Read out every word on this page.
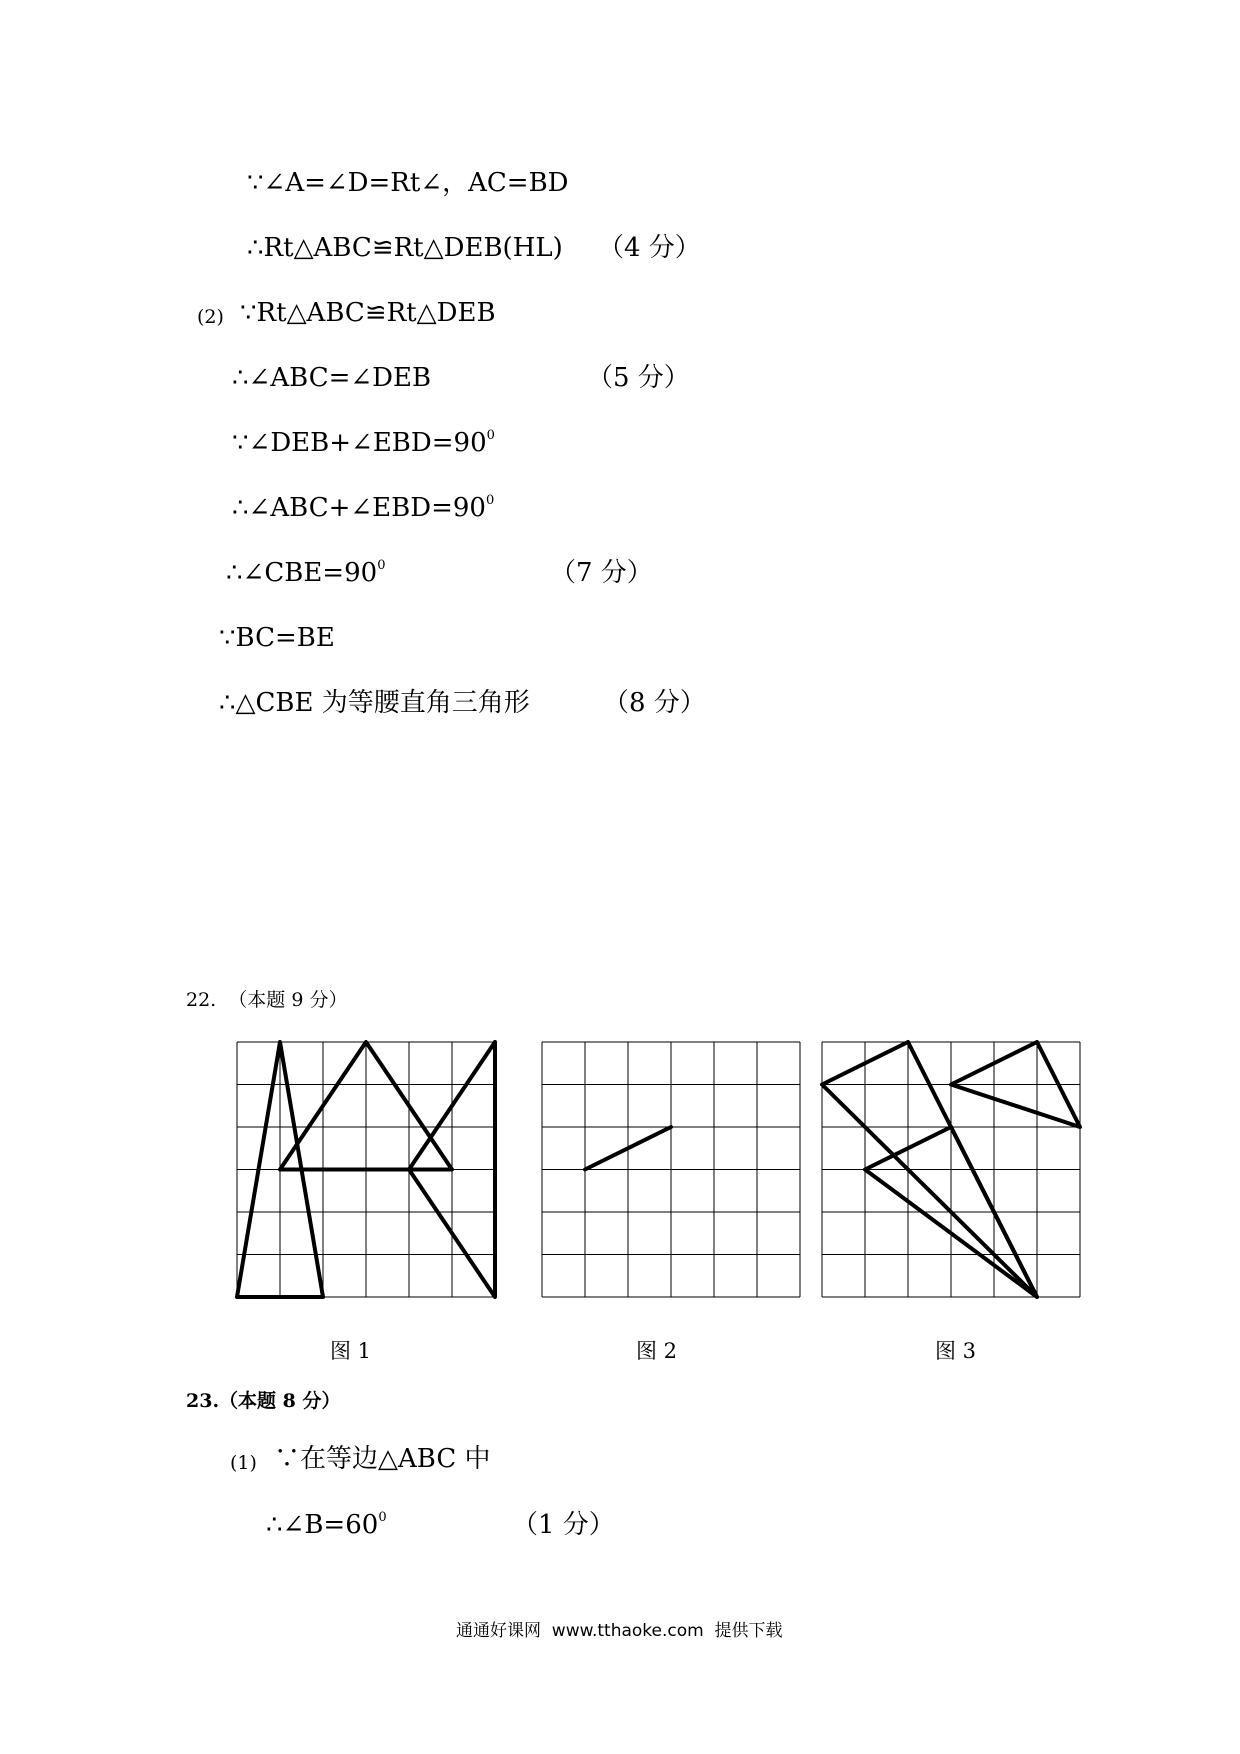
∵∠A=∠D=Rt∠，AC=BD
∴Rt△ABC≌Rt△DEB(HL) （4 分）
(2) ∵Rt△ABC≌Rt△DEB
∴∠ABC=∠DEB	（5 分）
$\because\angle DEB+\angle EBD=90^0$
$\therefore\angle ABC+\angle EBD=90^0$
$\therefore\angle CBE=90^0$	（7 分）
∵BC=BE
∴△CBE 为等腰直角三角形	（8 分）
22.  （本题 9 分）
图 1	图 2	图 3
23.（本题 8 分）
(1) ∵在等边△ABC 中
$\therefore\angle B=60^0$	（1 分）
通通好课网  www.tthaoke.com  提供下载
